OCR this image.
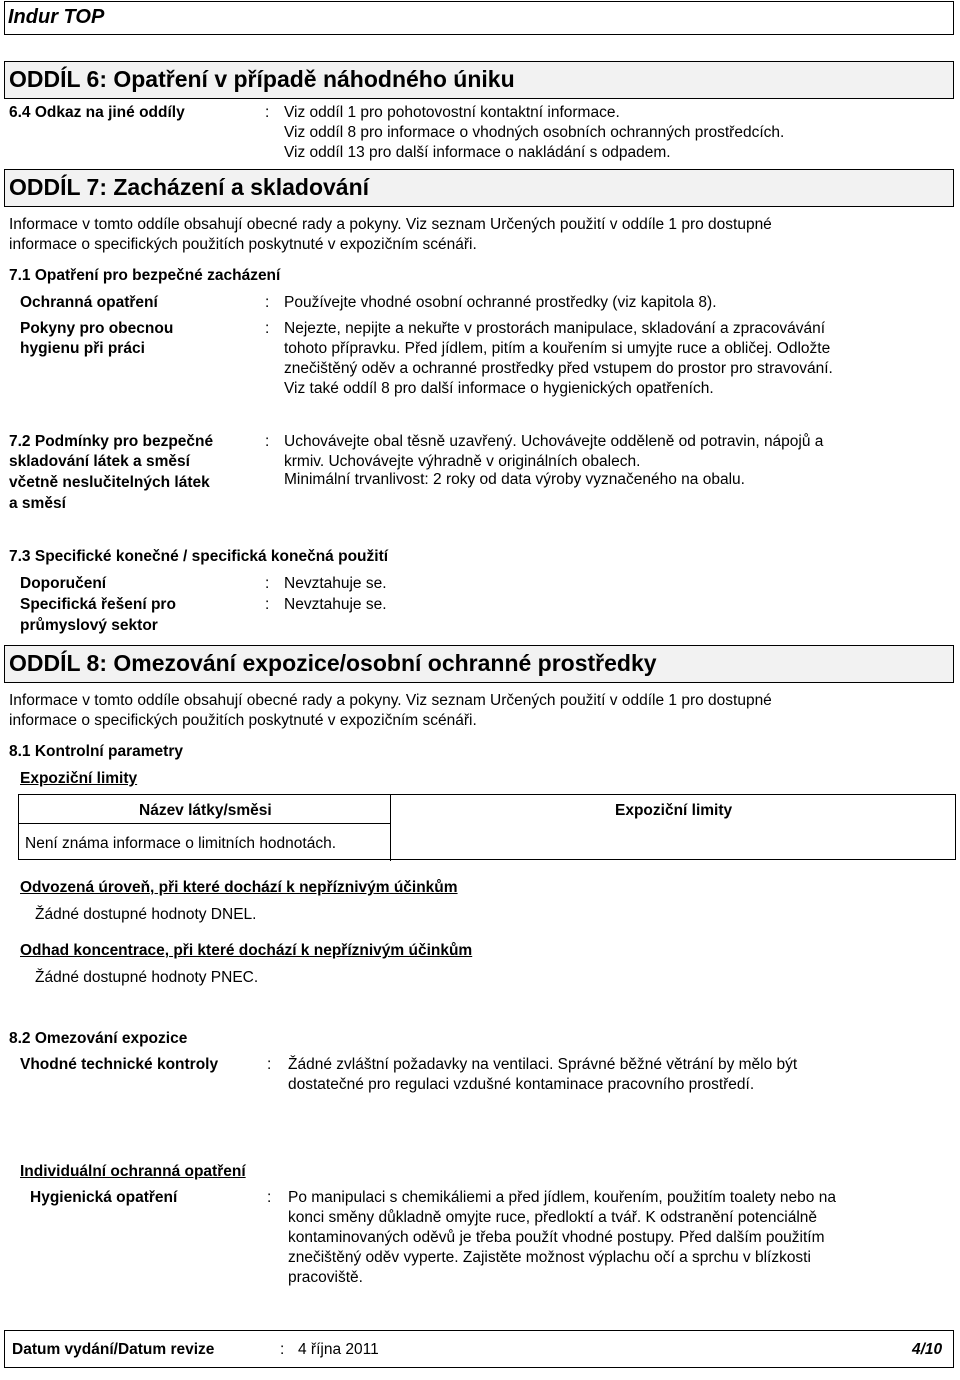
Indur TOP
ODDÍL 6: Opatření v případě náhodného úniku
6.4 Odkaz na jiné oddíly	: Viz oddíl 1 pro pohotovostní kontaktní informace.
Viz oddíl 8 pro informace o vhodných osobních ochranných prostředcích.
Viz oddíl 13 pro další informace o nakládání s odpadem.
ODDÍL 7: Zacházení a skladování
Informace v tomto oddíle obsahují obecné rady a pokyny. Viz seznam Určených použití v oddíle 1 pro dostupné
informace o specifických použitích poskytnuté v expozičním scénáři.
7.1 Opatření pro bezpečné zacházení
Ochranná opatření	: Používejte vhodné osobní ochranné prostředky (viz kapitola 8).
Pokyny pro obecnou
hygienu při práci
: Nejezte, nepijte a nekuřte v prostorách manipulace, skladování a zpracovávání
tohoto přípravku. Před jídlem, pitím a kouřením si umyjte ruce a obličej. Odložte
znečištěný oděv a ochranné prostředky před vstupem do prostor pro stravování.
Viz také oddíl 8 pro další informace o hygienických opatřeních.
7.2 Podmínky pro bezpečné
skladování látek a směsí
včetně neslučitelných látek
a směsí
: Uchovávejte obal těsně uzavřený. Uchovávejte odděleně od potravin, nápojů a
krmiv. Uchovávejte výhradně v originálních obalech.
Minimální trvanlivost: 2 roky od data výroby vyznačeného na obalu.
7.3 Specifické konečné / specifická konečná použití
Doporučení	: Nevztahuje se.
Specifická řešení pro
průmyslový sektor
: Nevztahuje se.
ODDÍL 8: Omezování expozice/osobní ochranné prostředky
Informace v tomto oddíle obsahují obecné rady a pokyny. Viz seznam Určených použití v oddíle 1 pro dostupné
informace o specifických použitích poskytnuté v expozičním scénáři.
8.1 Kontrolní parametry
Expoziční limity
Název látky/směsi	Expoziční limity
Není známa informace o limitních hodnotách.
Odvozená úroveň, při které dochází k nepříznivým účinkům
Žádné dostupné hodnoty DNEL.
Odhad koncentrace, při které dochází k nepříznivým účinkům
Žádné dostupné hodnoty PNEC.
8.2 Omezování expozice
Vhodné technické kontroly	: Žádné zvláštní požadavky na ventilaci. Správné běžné větrání by mělo být
dostatečné pro regulaci vzdušné kontaminace pracovního prostředí.
Individuální ochranná opatření
Hygienická opatření	: Po manipulaci s chemikáliemi a před jídlem, kouřením, použitím toalety nebo na
konci směny důkladně omyjte ruce, předloktí a tvář. K odstranění potenciálně
kontaminovaných oděvů je třeba použít vhodné postupy. Před dalším použitím
znečištěný oděv vyperte. Zajistěte možnost výplachu očí a sprchu v blízkosti
pracoviště.
Datum vydání/Datum revize	: 4 října 2011	4/10
